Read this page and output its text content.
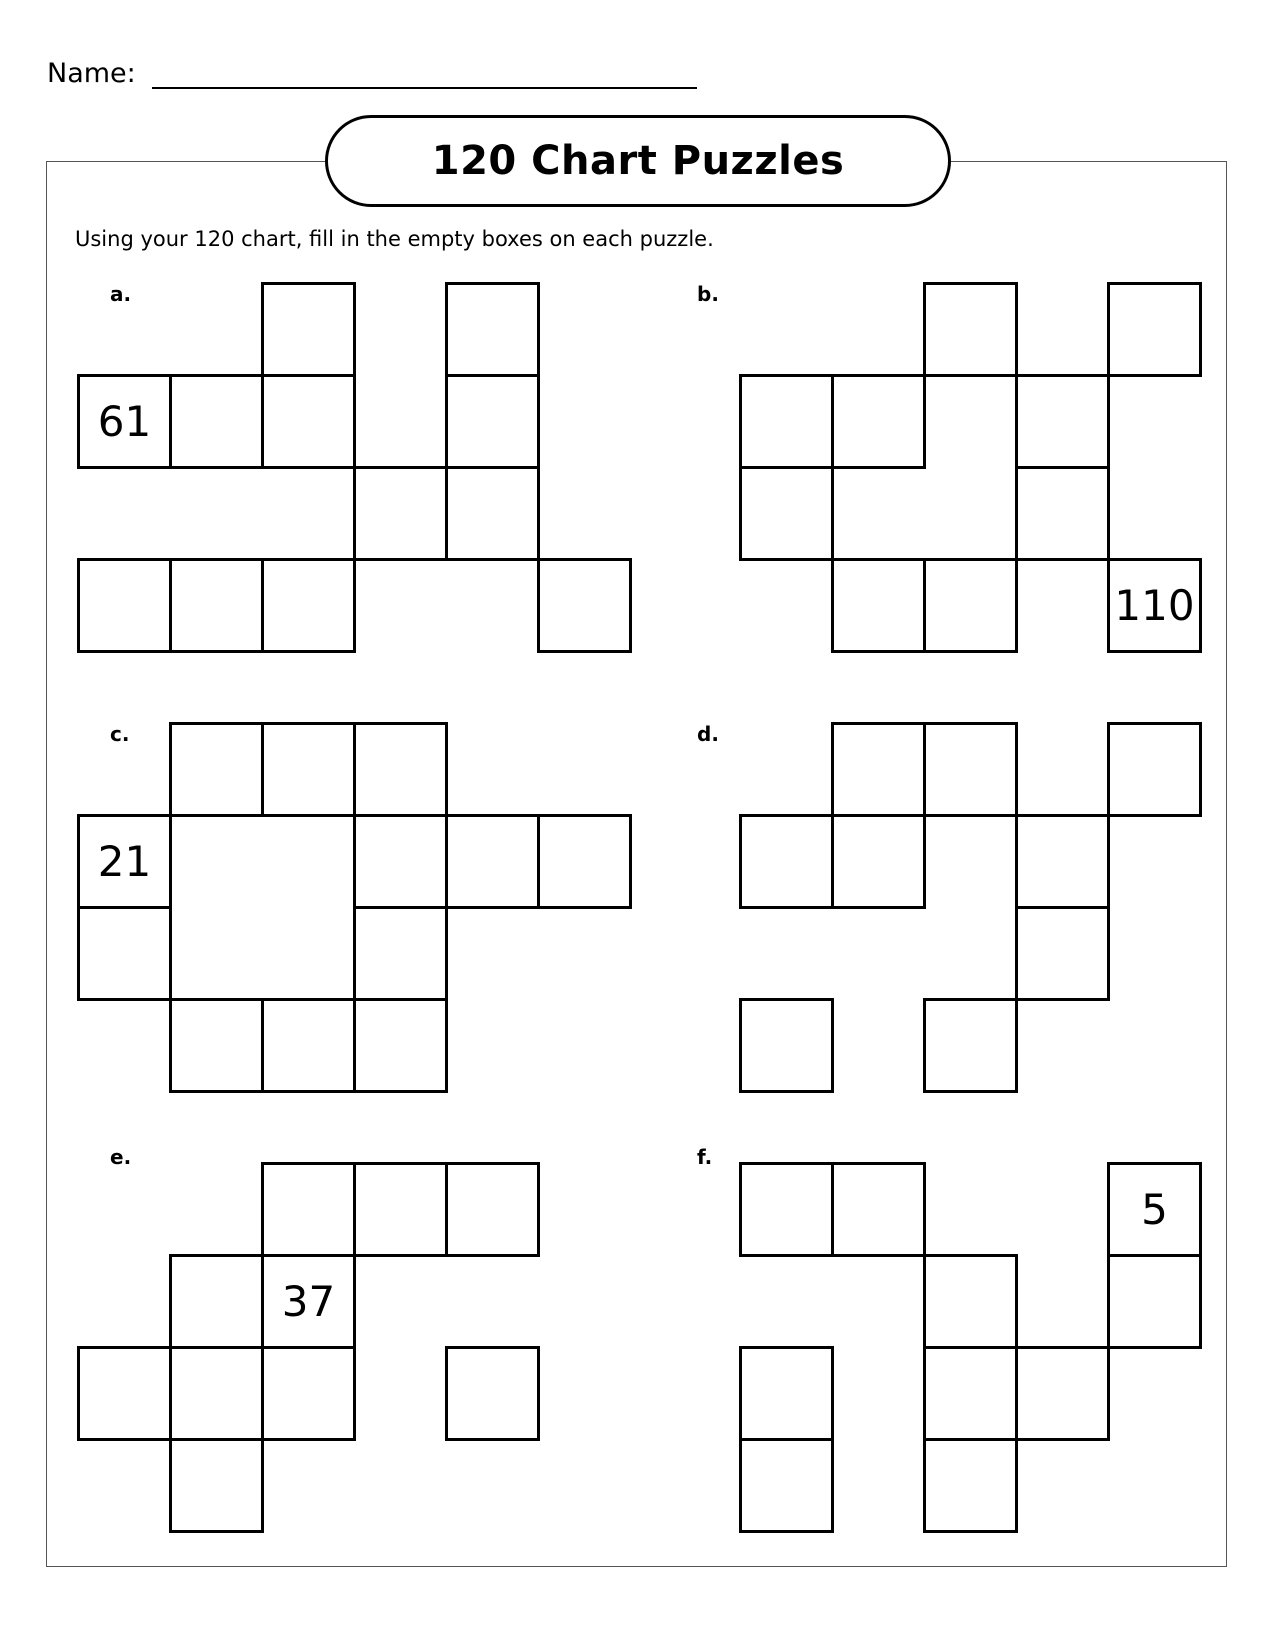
Name:
120 Chart Puzzles
Using your 120 chart, fill in the empty boxes on each puzzle.
a.	b.
c.	d.
e.	f.
61
110
21
37
5
